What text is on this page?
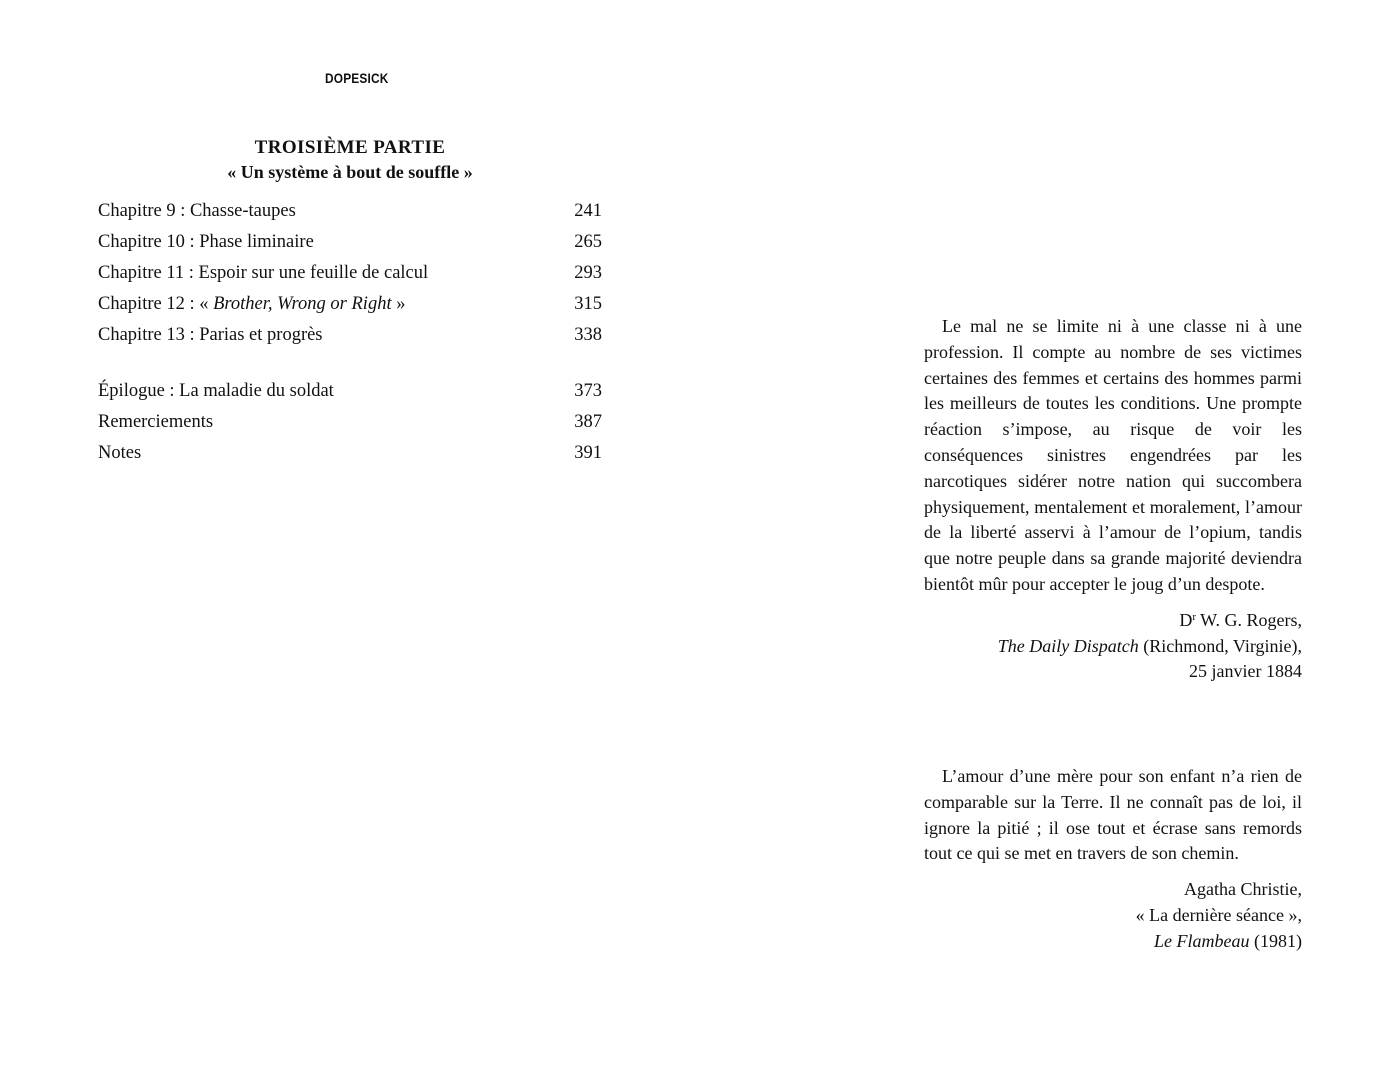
DOPESICK
TROISIÈME PARTIE
« Un système à bout de souffle »
Chapitre 9 : Chasse-taupes	241
Chapitre 10 : Phase liminaire	265
Chapitre 11 : Espoir sur une feuille de calcul	293
Chapitre 12 : « Brother, Wrong or Right »	315
Chapitre 13 : Parias et progrès	338
Épilogue : La maladie du soldat	373
Remerciements	387
Notes	391

Le mal ne se limite ni à une classe ni à une profession. Il compte au nombre de ses victimes certaines des femmes et certains des hommes parmi les meilleurs de toutes les conditions. Une prompte réaction s’impose, au risque de voir les conséquences sinistres engendrées par les narcotiques sidérer notre nation qui succombera physiquement, mentalement et moralement, l’amour de la liberté asservi à l’amour de l’opium, tandis que notre peuple dans sa grande majorité deviendra bientôt mûr pour accepter le joug d’un despote.

$D^r$ W. G. Rogers,
The Daily Dispatch (Richmond, Virginie),
25 janvier 1884

L’amour d’une mère pour son enfant n’a rien de comparable sur la Terre. Il ne connaît pas de loi, il ignore la pitié ; il ose tout et écrase sans remords tout ce qui se met en travers de son chemin.

Agatha Christie,
« La dernière séance »,
Le Flambeau (1981)
